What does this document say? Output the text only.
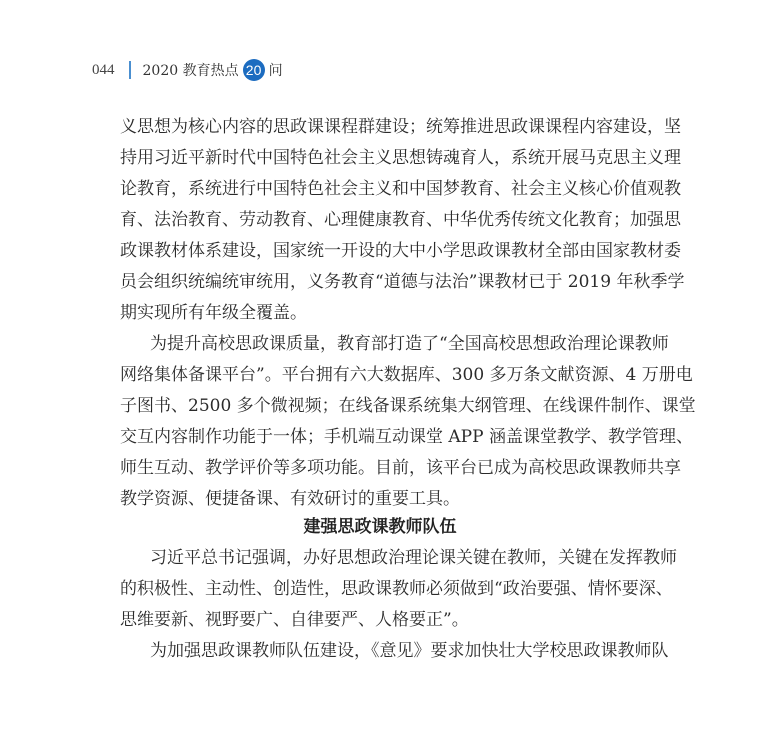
044 2020 教育热点 20 问
义思想为核心内容的思政课课程群建设；统筹推进思政课课程内容建设，坚
持用习近平新时代中国特色社会主义思想铸魂育人，系统开展马克思主义理
论教育，系统进行中国特色社会主义和中国梦教育、社会主义核心价值观教
育、法治教育、劳动教育、心理健康教育、中华优秀传统文化教育；加强思
政课教材体系建设，国家统一开设的大中小学思政课教材全部由国家教材委
员会组织统编统审统用，义务教育“道德与法治”课教材已于 2019 年秋季学
期实现所有年级全覆盖。
为提升高校思政课质量，教育部打造了“全国高校思想政治理论课教师
网络集体备课平台”。平台拥有六大数据库、300 多万条文献资源、4 万册电
子图书、2500 多个微视频；在线备课系统集大纲管理、在线课件制作、课堂
交互内容制作功能于一体；手机端互动课堂 APP 涵盖课堂教学、教学管理、
师生互动、教学评价等多项功能。目前，该平台已成为高校思政课教师共享
教学资源、便捷备课、有效研讨的重要工具。
建强思政课教师队伍
习近平总书记强调，办好思想政治理论课关键在教师，关键在发挥教师
的积极性、主动性、创造性，思政课教师必须做到“政治要强、情怀要深、
思维要新、视野要广、自律要严、人格要正”。
为加强思政课教师队伍建设，《意见》要求加快壮大学校思政课教师队
